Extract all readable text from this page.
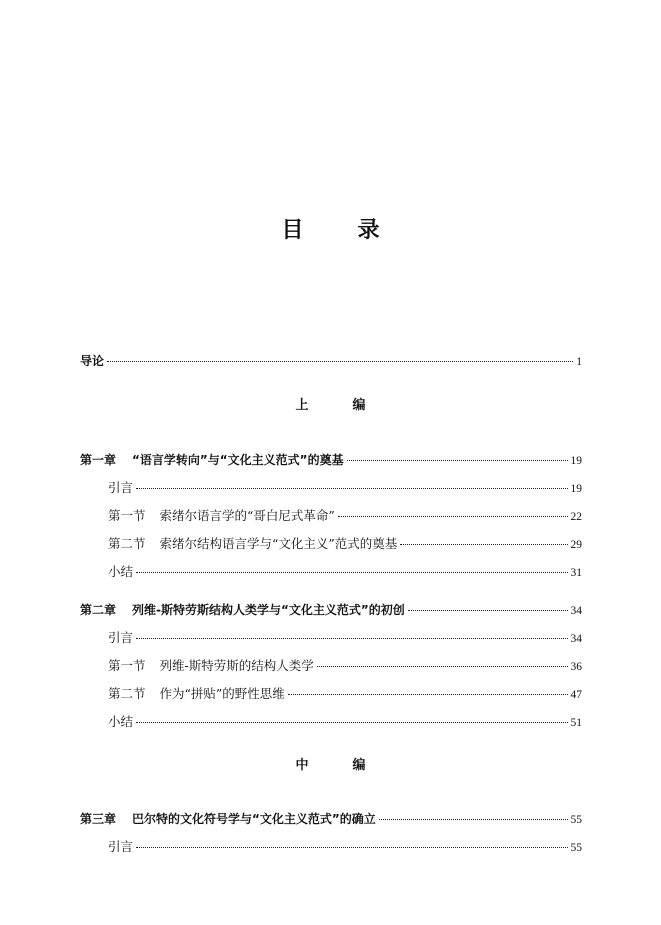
目录
导论	1
上编
第一章 “语言学转向”与“文化主义范式”的奠基	19
引言	19
第一节 索绪尔语言学的“哥白尼式革命”	22
第二节 索绪尔结构语言学与“文化主义”范式的奠基	29
小结	31
第二章 列维-斯特劳斯结构人类学与“文化主义范式”的初创	34
引言	34
第一节 列维-斯特劳斯的结构人类学	36
第二节 作为“拼贴”的野性思维	47
小结	51
中编
第三章 巴尔特的文化符号学与“文化主义范式”的确立	55
引言	55
